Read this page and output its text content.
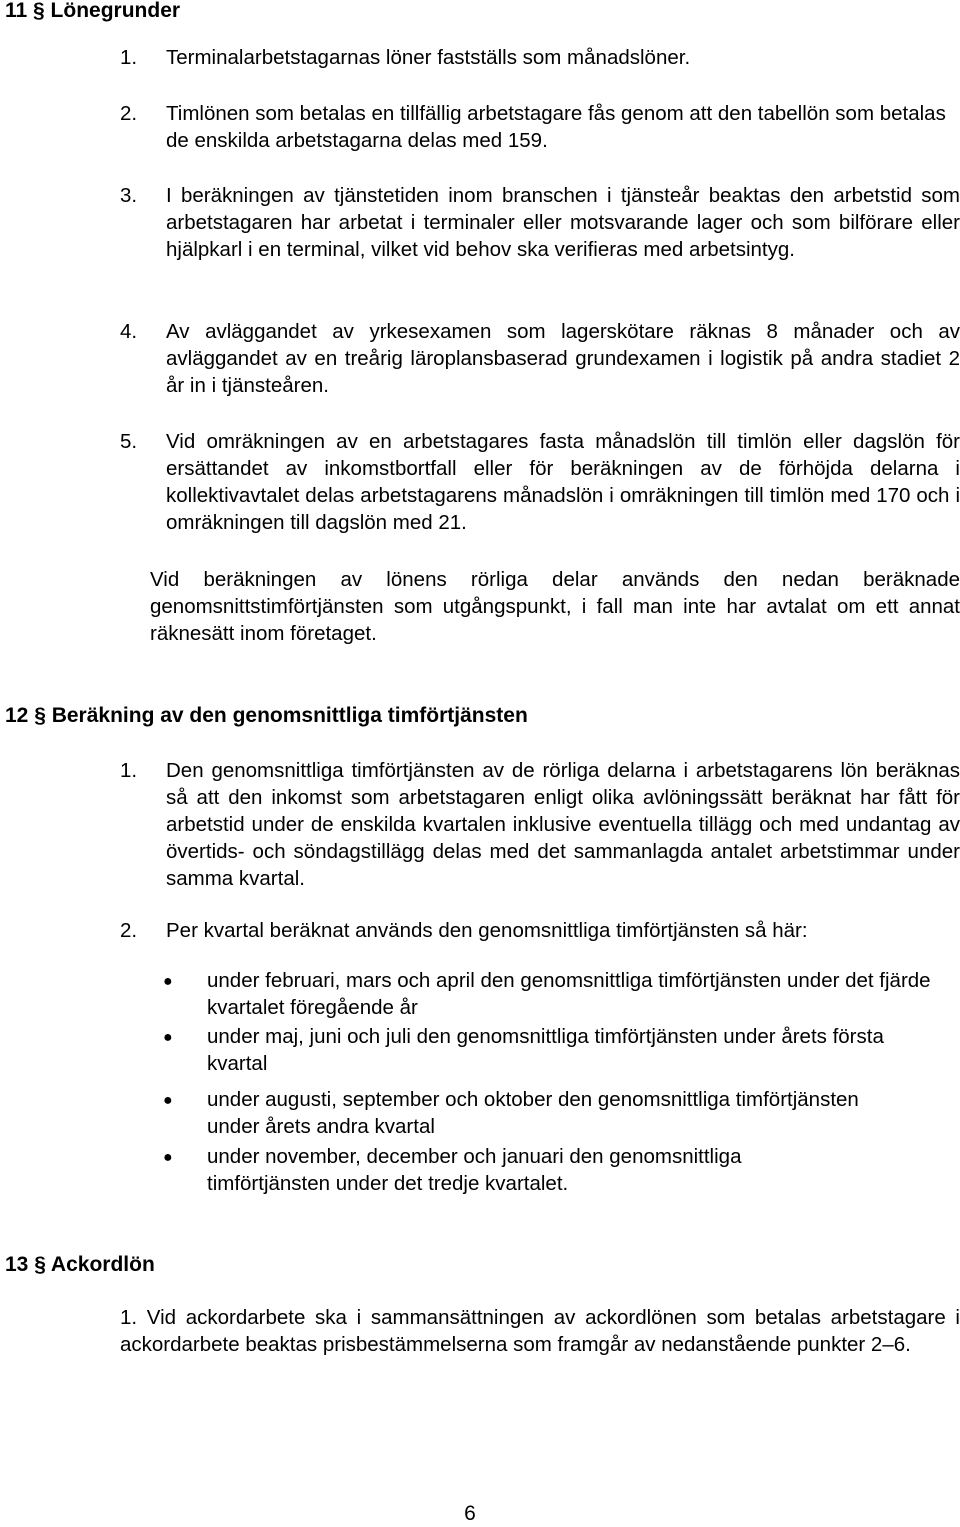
11 § Lönegrunder
1. Terminalarbetstagarnas löner fastställs som månadslöner.
2. Timlönen som betalas en tillfällig arbetstagare fås genom att den tabellön som betalas de enskilda arbetstagarna delas med 159.
3. I beräkningen av tjänstetiden inom branschen i tjänsteår beaktas den arbetstid som arbetstagaren har arbetat i terminaler eller motsvarande lager och som bilförare eller hjälpkarl i en terminal, vilket vid behov ska verifieras med arbetsintyg.
4. Av avläggandet av yrkesexamen som lagerskötare räknas 8 månader och av avläggandet av en treårig läroplansbaserad grundexamen i logistik på andra stadiet 2 år in i tjänsteåren.
5. Vid omräkningen av en arbetstagares fasta månadslön till timlön eller dagslön för ersättandet av inkomstbortfall eller för beräkningen av de förhöjda delarna i kollektivavtalet delas arbetstagarens månadslön i omräkningen till timlön med 170 och i omräkningen till dagslön med 21.
Vid beräkningen av lönens rörliga delar används den nedan beräknade genomsnittstimförtjänsten som utgångspunkt, i fall man inte har avtalat om ett annat räknesätt inom företaget.
12 § Beräkning av den genomsnittliga timförtjänsten
1. Den genomsnittliga timförtjänsten av de rörliga delarna i arbetstagarens lön beräknas så att den inkomst som arbetstagaren enligt olika avlöningssätt beräknat har fått för arbetstid under de enskilda kvartalen inklusive eventuella tillägg och med undantag av övertids- och söndagstillägg delas med det sammanlagda antalet arbetstimmar under samma kvartal.
2. Per kvartal beräknat används den genomsnittliga timförtjänsten så här:
● under februari, mars och april den genomsnittliga timförtjänsten under det fjärde kvartalet föregående år
● under maj, juni och juli den genomsnittliga timförtjänsten under årets första kvartal
● under augusti, september och oktober den genomsnittliga timförtjänsten under årets andra kvartal
● under november, december och januari den genomsnittliga timförtjänsten under det tredje kvartalet.
13 § Ackordlön
1. Vid ackordarbete ska i sammansättningen av ackordlönen som betalas arbetstagare i ackordarbete beaktas prisbestämmelserna som framgår av nedanstående punkter 2–6.
6
